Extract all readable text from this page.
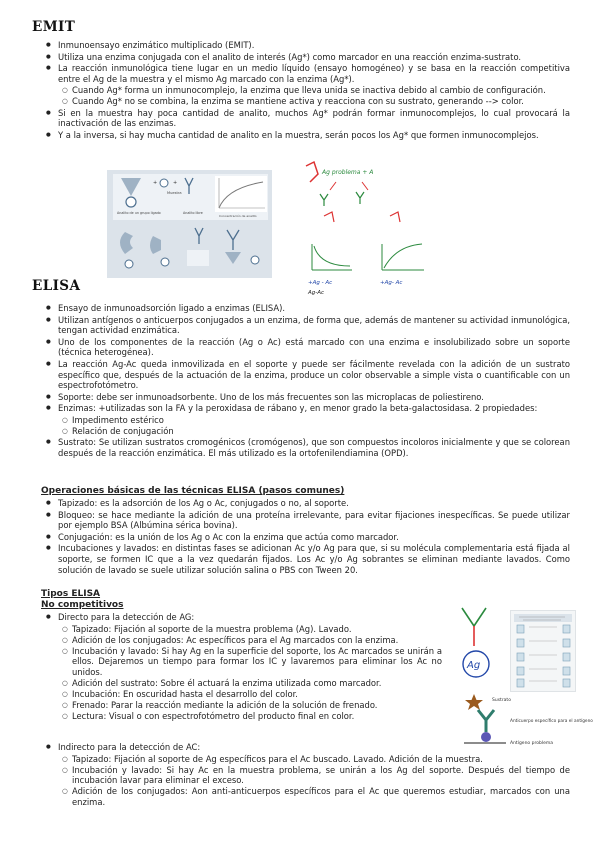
EMIT
● Inmunoensayo enzimático multiplicado (EMIT).
● Utiliza una enzima conjugada con el analito de interés (Ag*) como marcador en una reacción enzima-sustrato.
● La reacción inmunológica tiene lugar en un medio líquido (ensayo homogéneo) y se basa en la reacción competitiva entre el Ag de la muestra y el mismo Ag marcado con la enzima (Ag*).
○ Cuando Ag* forma un inmunocomplejo, la enzima que lleva unida se inactiva debido al cambio de configuración.
○ Cuando Ag* no se combina, la enzima se mantiene activa y reacciona con su sustrato, generando --> color.
● Si en la muestra hay poca cantidad de analito, muchos Ag* podrán formar inmunocomplejos, lo cual provocará la inactivación de las enzimas.
● Y a la inversa, si hay mucha cantidad de analito en la muestra, serán pocos los Ag* que formen inmunocomplejos.
+	+
Muestra
Analito de un grupo ligado	Analito libre
Concentración de analito
Ag problema + A
+Ag - Ac	+Ag- Ac
Ag-Ac
ELISA
● Ensayo de inmunoadsorción ligado a enzimas (ELISA).
● Utilizan antígenos o anticuerpos conjugados a un enzima, de forma que, además de mantener su actividad inmunológica, tengan actividad enzimática.
● Uno de los componentes de la reacción (Ag o Ac) está marcado con una enzima e insolubilizado sobre un soporte (técnica heterogénea).
● La reacción Ag-Ac queda inmovilizada en el soporte y puede ser fácilmente revelada con la adición de un sustrato específico que, después de la actuación de la enzima, produce un color observable a simple vista o cuantificable con un espectrofotómetro.
● Soporte: debe ser inmunoadsorbente. Uno de los más frecuentes son las microplacas de poliestireno.
● Enzimas: +utilizadas son la FA y la peroxidasa de rábano y, en menor grado la beta-galactosidasa. 2 propiedades:
○ Impedimento estérico
○ Relación de conjugación
● Sustrato: Se utilizan sustratos cromogénicos (cromógenos), que son compuestos incoloros inicialmente y que se colorean después de la reacción enzimática. El más utilizado es la ortofenilendiamina (OPD).
Operaciones básicas de las técnicas ELISA (pasos comunes)
● Tapizado: es la adsorción de los Ag o Ac, conjugados o no, al soporte.
● Bloqueo: se hace mediante la adición de una proteína irrelevante, para evitar fijaciones inespecíficas. Se puede utilizar por ejemplo BSA (Albúmina sérica bovina).
● Conjugación: es la unión de los Ag o Ac con la enzima que actúa como marcador.
● Incubaciones y lavados: en distintas fases se adicionan Ac y/o Ag para que, si su molécula complementaria está fijada al soporte, se formen IC que a la vez quedarán fijados. Los Ac y/o Ag sobrantes se eliminan mediante lavados. Como solución de lavado se suele utilizar solución salina o PBS con Tween 20.
Tipos ELISA
No competitivos
● Directo para la detección de AG:
○ Tapizado: Fijación al soporte de la muestra problema (Ag). Lavado.
○ Adición de los conjugados: Ac específicos para el Ag marcados con la enzima.
○ Incubación y lavado: Si hay Ag en la superficie del soporte, los Ac marcados se unirán a ellos. Dejaremos un tiempo para formar los IC y lavaremos para eliminar los Ac no unidos.
○ Adición del sustrato: Sobre él actuará la enzima utilizada como marcador.
○ Incubación: En oscuridad hasta el desarrollo del color.
○ Frenado: Parar la reacción mediante la adición de la solución de frenado.
○ Lectura: Visual o con espectrofotómetro del producto final en color.
● Indirecto para la detección de AC:
○ Tapizado: Fijación al soporte de Ag específicos para el Ac buscado. Lavado. Adición de la muestra.
○ Incubación y lavado: Si hay Ac en la muestra problema, se unirán a los Ag del soporte. Después del tiempo de incubación lavar para eliminar el exceso.
○ Adición de los conjugados: Aon anti-anticuerpos específicos para el Ac que queremos estudiar, marcados con una enzima.
Ag
Sustrato
Anticuerpo específico para el antígeno
Antígeno problema
